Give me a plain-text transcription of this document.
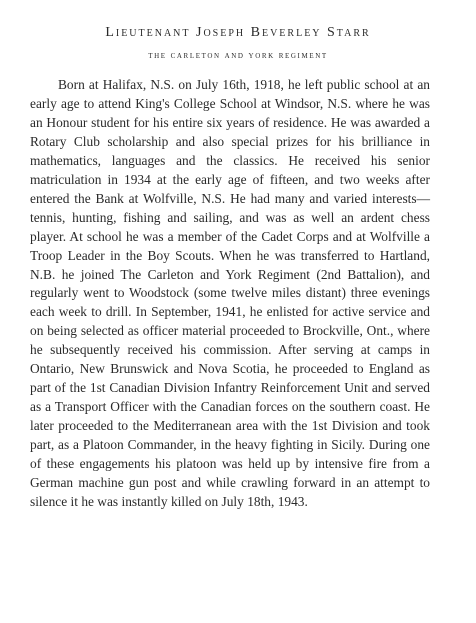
Lieutenant Joseph Beverley Starr
the carleton and york regiment

Born at Halifax, N.S. on July 16th, 1918, he left public school at an early age to attend King's College School at Windsor, N.S. where he was an Honour student for his entire six years of residence. He was awarded a Rotary Club scholarship and also special prizes for his brilliance in mathematics, languages and the classics. He received his senior matriculation in 1934 at the early age of fifteen, and two weeks after entered the Bank at Wolfville, N.S. He had many and varied interests—tennis, hunting, fishing and sailing, and was as well an ardent chess player. At school he was a member of the Cadet Corps and at Wolfville a Troop Leader in the Boy Scouts. When he was transferred to Hartland, N.B. he joined The Carleton and York Regiment (2nd Battalion), and regularly went to Woodstock (some twelve miles distant) three evenings each week to drill. In September, 1941, he enlisted for active service and on being selected as officer material proceeded to Brockville, Ont., where he subsequently received his commission. After serving at camps in Ontario, New Brunswick and Nova Scotia, he proceeded to England as part of the 1st Canadian Division Infantry Reinforcement Unit and served as a Transport Officer with the Canadian forces on the southern coast. He later proceeded to the Mediterranean area with the 1st Division and took part, as a Platoon Commander, in the heavy fighting in Sicily. During one of these engagements his platoon was held up by intensive fire from a German machine gun post and while crawling forward in an attempt to silence it he was instantly killed on July 18th, 1943.
